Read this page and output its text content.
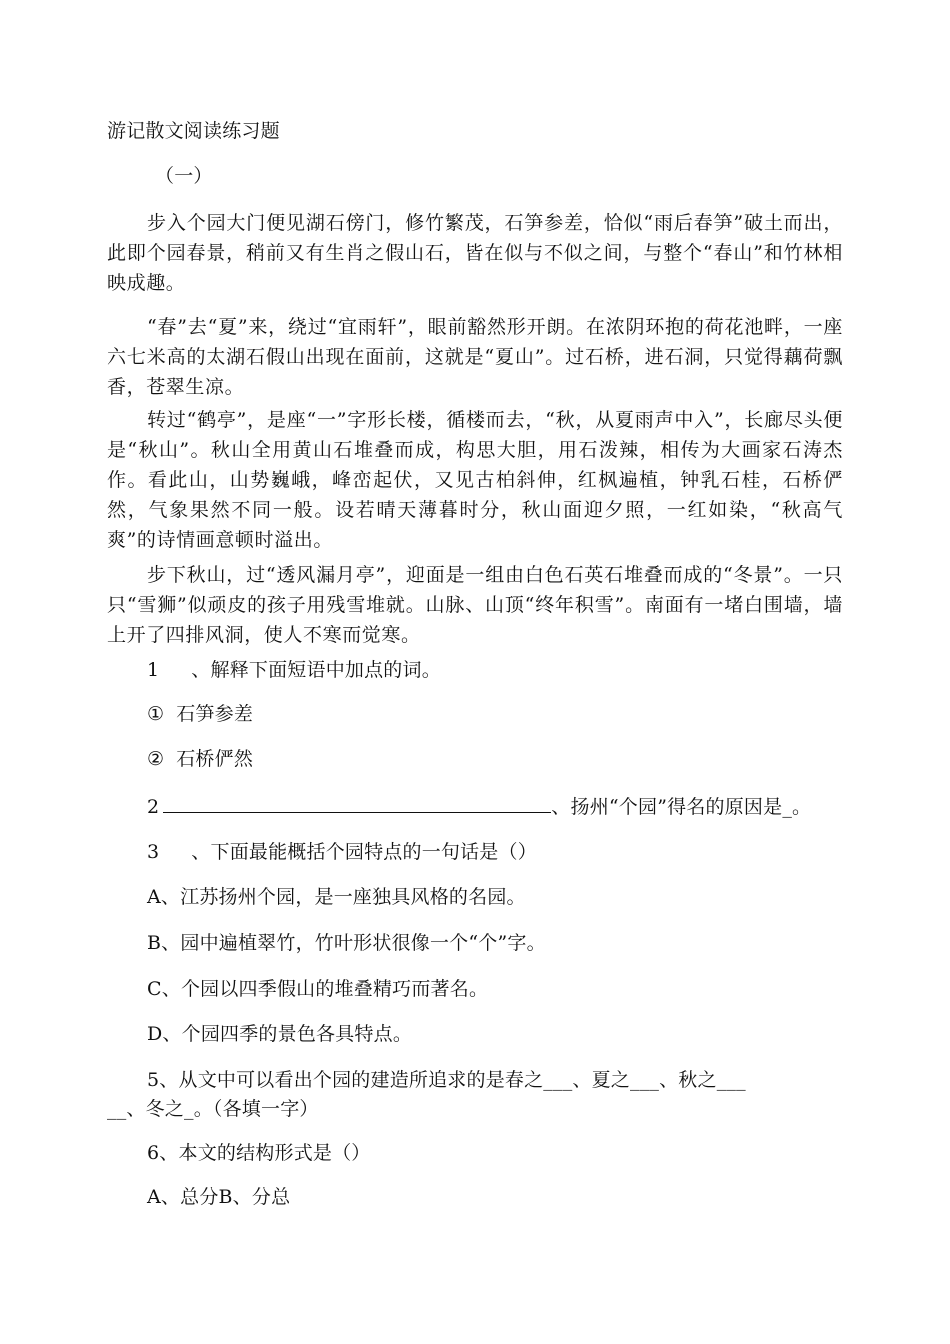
游记散文阅读练习题
（一）
步入个园大门便见湖石傍门，修竹繁茂，石笋参差，恰似“雨后春笋”破土而出，此即个园春景，稍前又有生肖之假山石，皆在似与不似之间，与整个“春山”和竹林相映成趣。
“春”去“夏”来，绕过“宜雨轩”，眼前豁然形开朗。在浓阴环抱的荷花池畔，一座六七米高的太湖石假山出现在面前，这就是“夏山”。过石桥，进石洞，只觉得藕荷飘香，苍翠生凉。
转过“鹤亭”，是座“一”字形长楼，循楼而去，“秋，从夏雨声中入”，长廊尽头便是“秋山”。秋山全用黄山石堆叠而成，构思大胆，用石泼辣，相传为大画家石涛杰作。看此山，山势巍峨，峰峦起伏，又见古柏斜伸，红枫遍植，钟乳石桂，石桥俨然，气象果然不同一般。设若晴天薄暮时分，秋山面迎夕照，一红如染，“秋高气爽”的诗情画意顿时溢出。
步下秋山，过“透风漏月亭”，迎面是一组由白色石英石堆叠而成的“冬景”。一只只“雪狮”似顽皮的孩子用残雪堆就。山脉、山顶“终年积雪”。南面有一堵白围墙，墙上开了四排风洞，使人不寒而觉寒。
1 、解释下面短语中加点的词。
① 石笋参差
② 石桥俨然
2	、扬州“个园”得名的原因是_。
3 、下面最能概括个园特点的一句话是（）
A、江苏扬州个园，是一座独具风格的名园。
B、园中遍植翠竹，竹叶形状很像一个“个”字。
C、个园以四季假山的堆叠精巧而著名。
D、个园四季的景色各具特点。
5、从文中可以看出个园的建造所追求的是春之___、夏之___、秋之___
__、冬之_。（各填一字）
6、本文的结构形式是（）
A、总分B、分总
